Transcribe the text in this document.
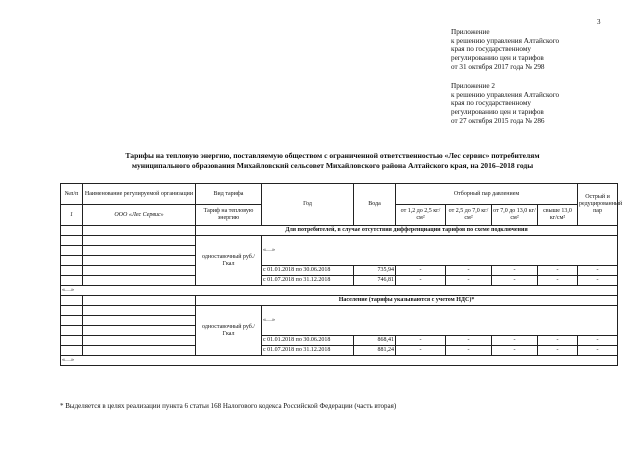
3
Приложение
к решению управления Алтайского
края по государственному
регулированию цен и тарифов
от 31 октября 2017 года № 298
Приложение 2
к решению управления Алтайского
края по государственному
регулированию цен и тарифов
от 27 октября 2015 года № 286
Тарифы на тепловую энергию, поставляемую обществом с ограниченной ответственностью «Лес сервис» потребителям
муниципального образования Михайловский сельсовет Михайловского района Алтайского края, на 2016–2018 годы
№п/п	Наименование регулируемой организации	Вид тарифа	Год	Вода	Отборный пар давлением				Острый и редуцированный пар

1	ООО «Лес Сервис»	Тариф на тепловую энергию			от 1,2 до 2,5 кг/см²	от 2,5 до 7,0 кг/см²	от 7,0 до 13,0 кг/см²	свыше 13,0 кг/см²	

		Для потребителей, в случае отсутствия дифференциации тарифов по схеме подключения							
		одноставочный руб./Гкал	«…»						

			с 01.01.2018 по 30.06.2018	735,94	-	-	-	-	-
			с 01.07.2018 по 31.12.2018	746,81	-	-	-	-	-
«…»									
		Население (тарифы указываются с учетом НДС)*							
		одноставочный руб./Гкал	«…»						

			с 01.01.2018 по 30.06.2018	868,41	-	-	-	-	-
			с 01.07.2018 по 31.12.2018	881,24	-	-	-	-	-
«…»									
* Выделяется в целях реализации пункта 6 статьи 168 Налогового кодекса Российской Федерации (часть вторая)
